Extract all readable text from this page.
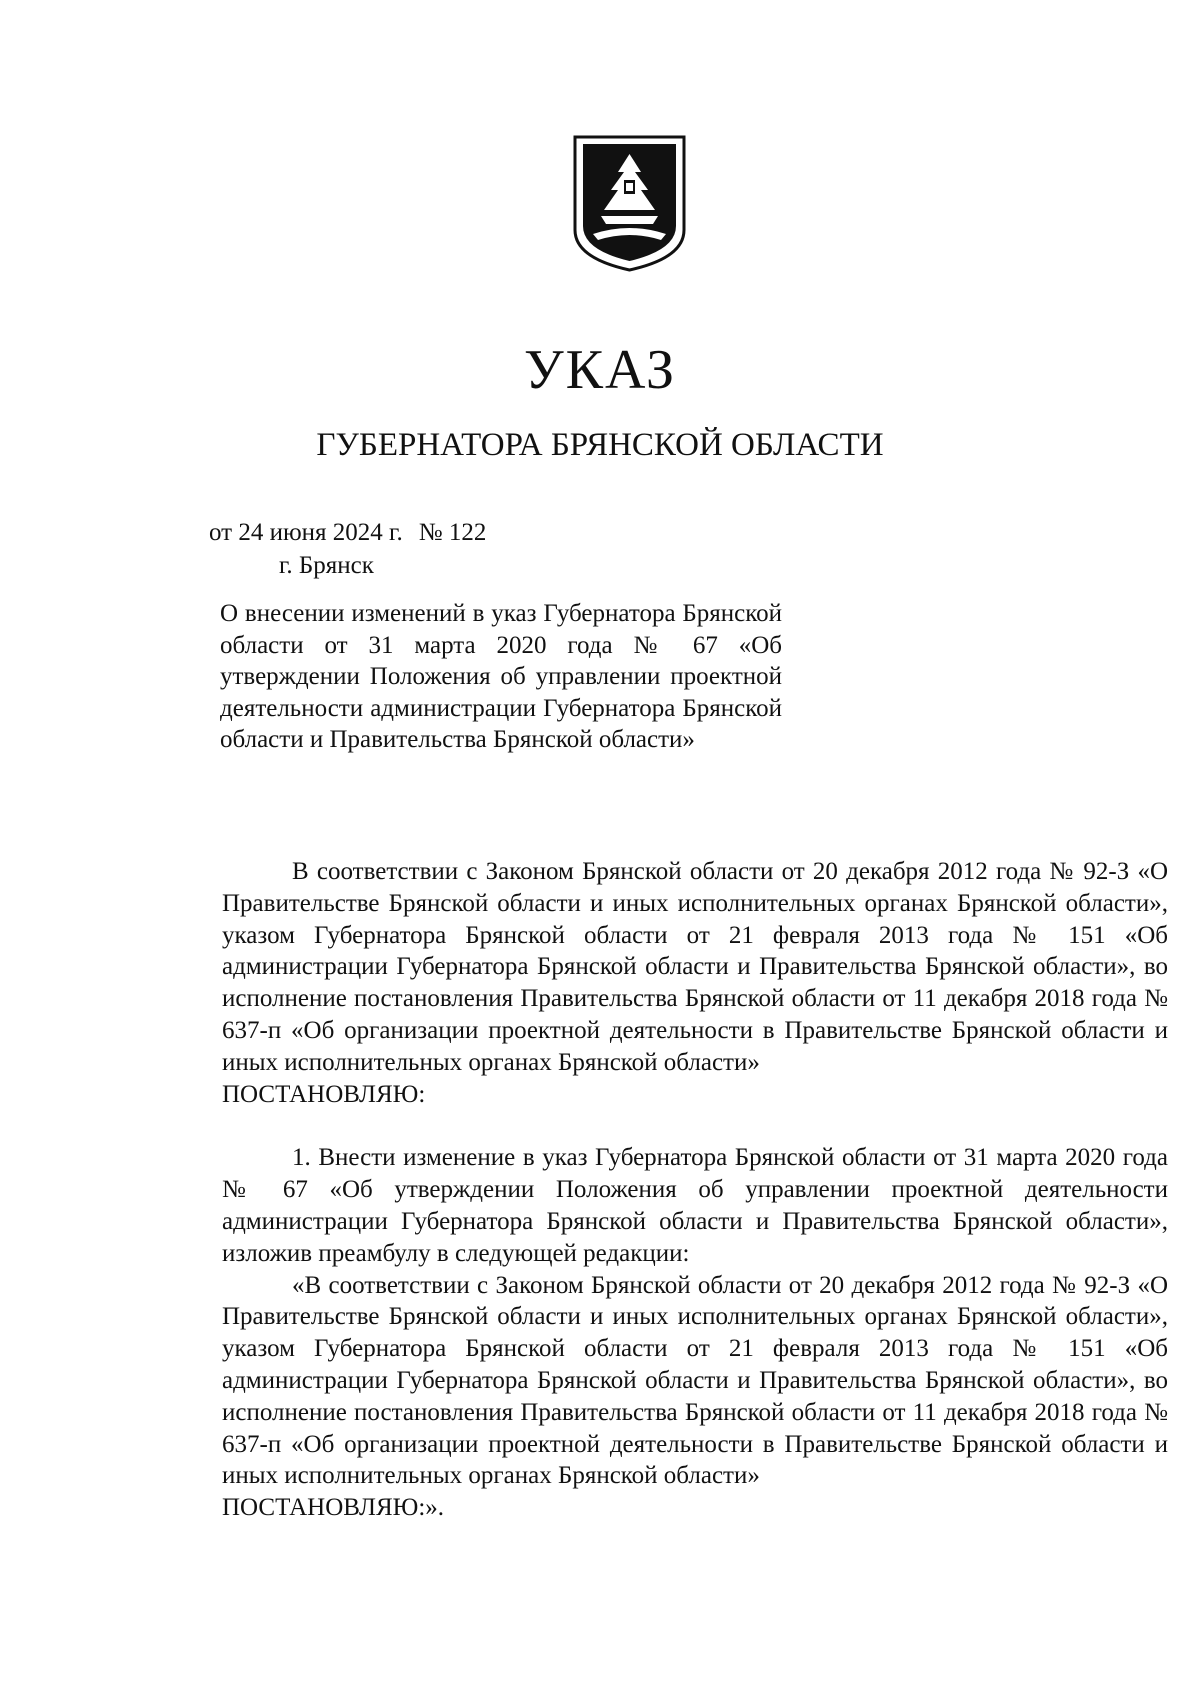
УКАЗ
ГУБЕРНАТОРА БРЯНСКОЙ ОБЛАСТИ
от 24 июня 2024 г. № 122
г. Брянск

О внесении изменений в указ Губернатора Брянской области от 31 марта 2020 года № 67 «Об утверждении Положения об управлении проектной деятельности администрации Губернатора Брянской области и Правительства Брянской области»

В соответствии с Законом Брянской области от 20 декабря 2012 года № 92-З «О Правительстве Брянской области и иных исполнительных органах Брянской области», указом Губернатора Брянской области от 21 февраля 2013 года № 151 «Об администрации Губернатора Брянской области и Правительства Брянской области», во исполнение постановления Правительства Брянской области от 11 декабря 2018 года № 637-п «Об организации проектной деятельности в Правительстве Брянской области и иных исполнительных органах Брянской области»

ПОСТАНОВЛЯЮ:

1. Внести изменение в указ Губернатора Брянской области от 31 марта 2020 года № 67 «Об утверждении Положения об управлении проектной деятельности администрации Губернатора Брянской области и Правительства Брянской области», изложив преамбулу в следующей редакции:

«В соответствии с Законом Брянской области от 20 декабря 2012 года № 92-З «О Правительстве Брянской области и иных исполнительных органах Брянской области», указом Губернатора Брянской области от 21 февраля 2013 года № 151 «Об администрации Губернатора Брянской области и Правительства Брянской области», во исполнение постановления Правительства Брянской области от 11 декабря 2018 года № 637-п «Об организации проектной деятельности в Правительстве Брянской области и иных исполнительных органах Брянской области»

ПОСТАНОВЛЯЮ:».
